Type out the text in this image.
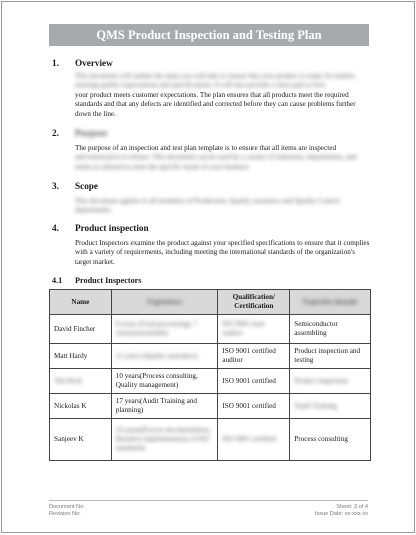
QMS Product Inspection and Testing Plan
1. Overview
This document will outline the steps you will take to ensure that your product is ready for market, meeting quality expectations and specifications. It will also provide a clear path to how
your product meets customer expectations. The plan ensures that all products meet the required standards and that any defects are identified and corrected before they can cause problems further down the line.
2. Purpose
The purpose of an inspection and test plan template is to ensure that all items are inspected
and tested prior to release. This document can be used by a variety of industries, departments, and teams as tailored to meet the specific needs of your business.
3. Scope
This document applies to all members of Production, Quality assurance and Quality Control departments.
4. Product inspection
Product Inspectors examine the product against your specified specifications to ensure that it complies with a variety of requirements, including meeting the international standards of the organization's target market.
4.1 Product Inspectors
Name	Experience	Qualification/ Certification	Expertise domain
David Fincher	8 years (Food processing), 7 years(automobile)	ISO 9001 lead auditor	Semiconductor assembling
Matt Hardy	11 years (Quality assurance)	ISO 9001 certified auditor	Product inspection and testing
Tim Brod	10 years(Process consulting, Quality management)	ISO 9001 certified	Product inspection
Nickolas K	17 years(Audit Training and planning)	ISO 9001 certified	Audit Training
Sanjeev K	16 years(Process documentation, Business implementation of ISO standards)	ISO 9001 certified	Process consulting
Document No:
Revision No:
Sheet: 3 of 4
Issue Date: xx-xxx-xx
